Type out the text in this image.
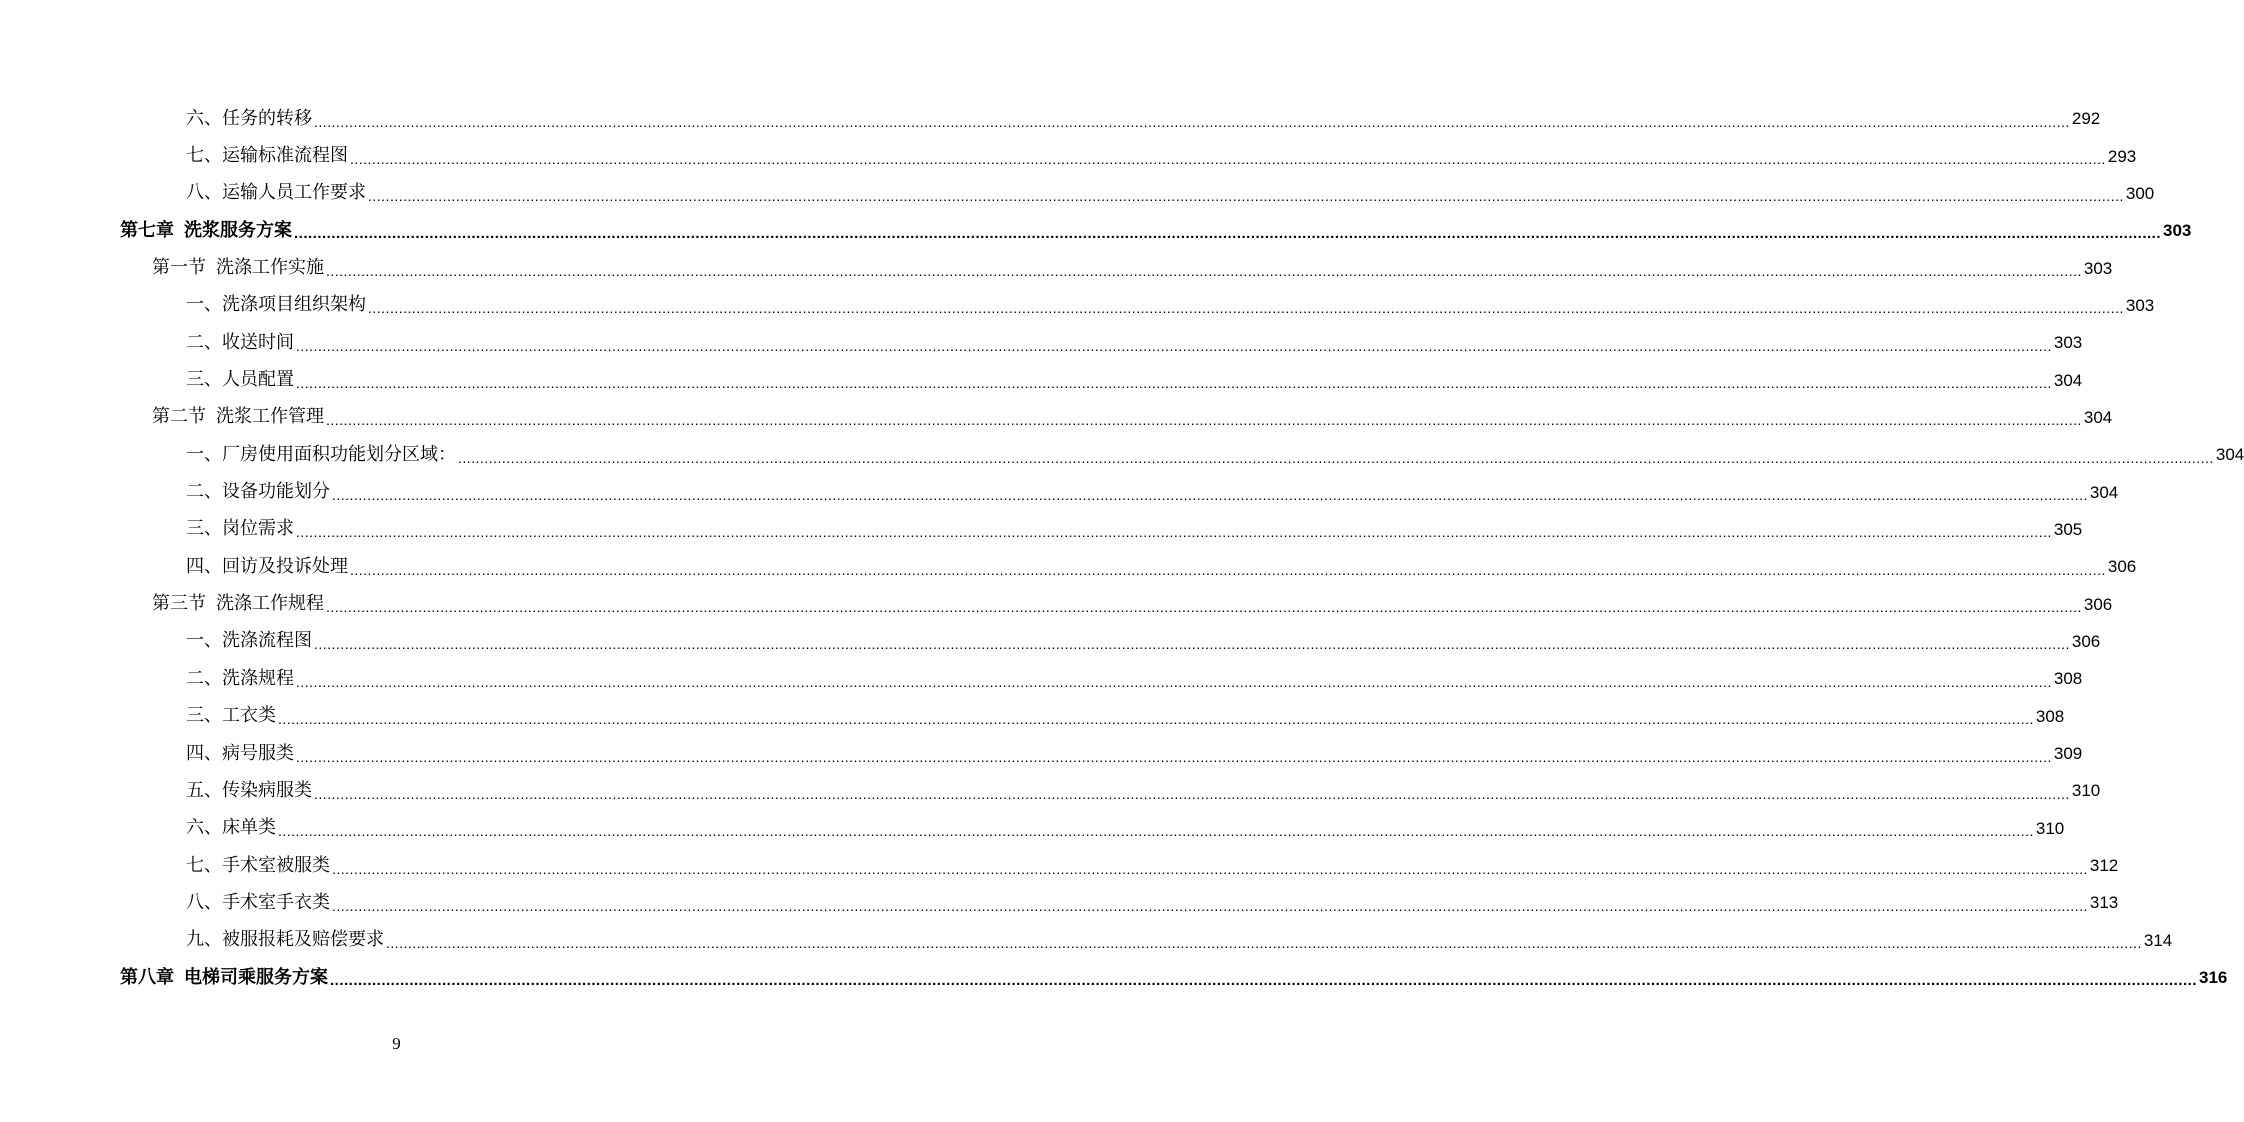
六、任务的转移 ................................................................................................................................................................................................................................................................................................................................................................................................................ 292
七、运输标准流程图 ................................................................................................................................................................................................................................................................................................................................................................................................................ 293
八、运输人员工作要求 ................................................................................................................................................................................................................................................................................................................................................................................................................ 300
第七章 洗浆服务方案 ................................................................................................................................................................................................................................................................................................................................................................................................................ 303
第一节 洗涤工作实施 ................................................................................................................................................................................................................................................................................................................................................................................................................ 303
一、洗涤项目组织架构 ................................................................................................................................................................................................................................................................................................................................................................................................................ 303
二、收送时间 ................................................................................................................................................................................................................................................................................................................................................................................................................ 303
三、人员配置 ................................................................................................................................................................................................................................................................................................................................................................................................................ 304
第二节 洗浆工作管理 ................................................................................................................................................................................................................................................................................................................................................................................................................ 304
一、厂房使用面积功能划分区域： ................................................................................................................................................................................................................................................................................................................................................................................................................ 304
二、设备功能划分 ................................................................................................................................................................................................................................................................................................................................................................................................................ 304
三、岗位需求 ................................................................................................................................................................................................................................................................................................................................................................................................................ 305
四、回访及投诉处理 ................................................................................................................................................................................................................................................................................................................................................................................................................ 306
第三节 洗涤工作规程 ................................................................................................................................................................................................................................................................................................................................................................................................................ 306
一、洗涤流程图 ................................................................................................................................................................................................................................................................................................................................................................................................................ 306
二、洗涤规程 ................................................................................................................................................................................................................................................................................................................................................................................................................ 308
三、工衣类 ................................................................................................................................................................................................................................................................................................................................................................................................................ 308
四、病号服类 ................................................................................................................................................................................................................................................................................................................................................................................................................ 309
五、传染病服类 ................................................................................................................................................................................................................................................................................................................................................................................................................ 310
六、床单类 ................................................................................................................................................................................................................................................................................................................................................................................................................ 310
七、手术室被服类 ................................................................................................................................................................................................................................................................................................................................................................................................................ 312
八、手术室手衣类 ................................................................................................................................................................................................................................................................................................................................................................................................................ 313
九、被服报耗及赔偿要求 ................................................................................................................................................................................................................................................................................................................................................................................................................ 314
第八章 电梯司乘服务方案 ................................................................................................................................................................................................................................................................................................................................................................................................................ 316
9
